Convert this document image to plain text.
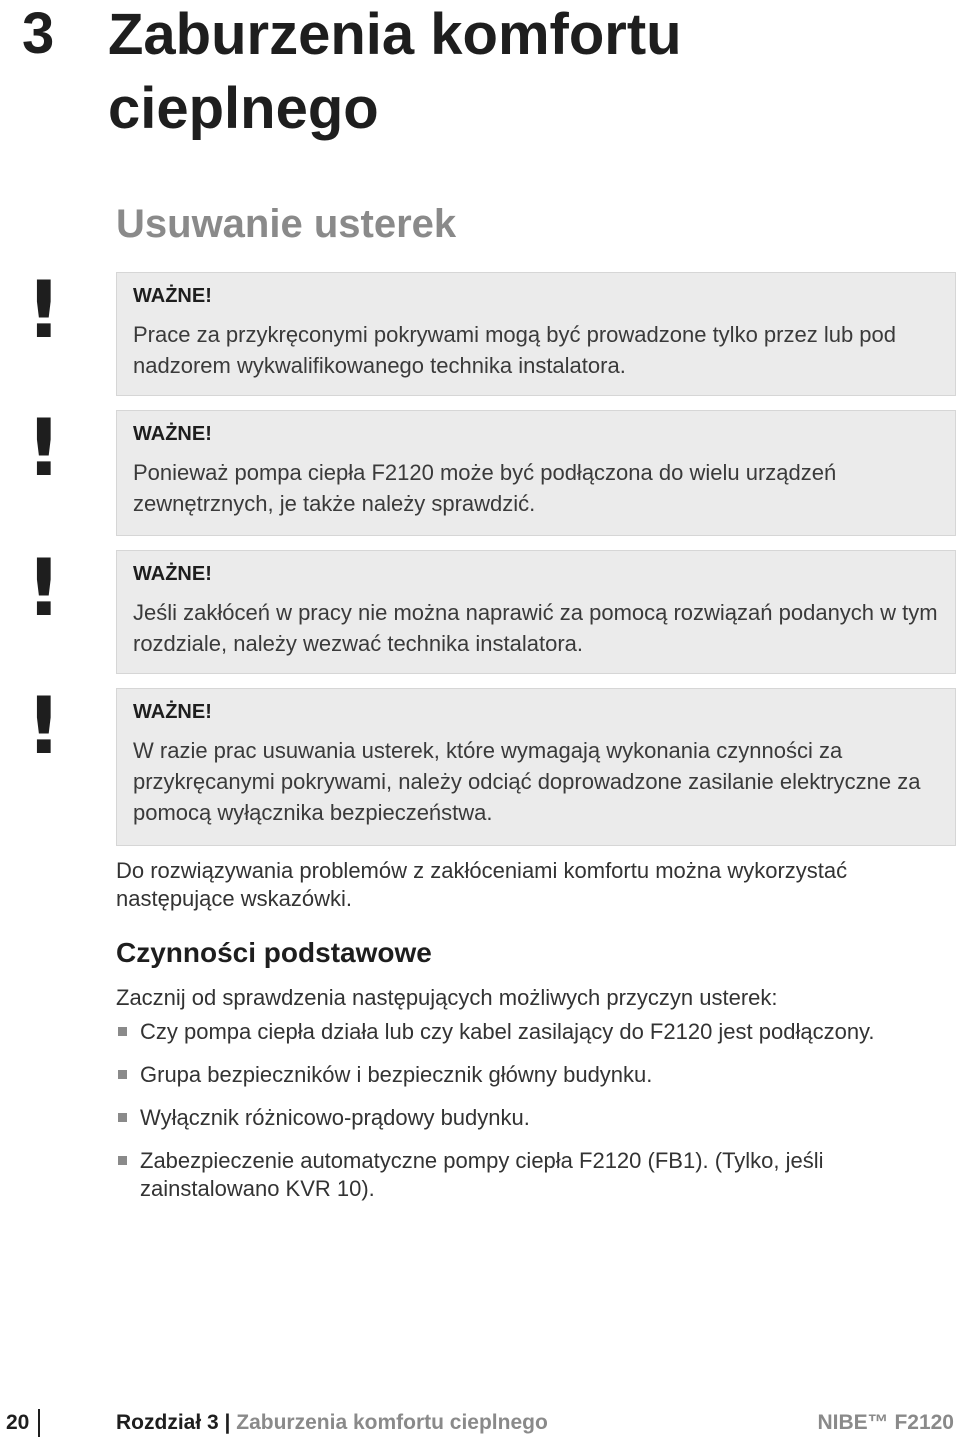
3 Zaburzenia komfortu cieplnego
Usuwanie usterek
!	WAŻNE!
Prace za przykręconymi pokrywami mogą być prowadzone tylko przez lub pod nadzorem wykwalifikowanego technika instalatora.
!	WAŻNE!
Ponieważ pompa ciepła F2120 może być podłączona do wielu urządzeń zewnętrznych, je także należy sprawdzić.
!	WAŻNE!
Jeśli zakłóceń w pracy nie można naprawić za pomocą rozwiązań podanych w tym rozdziale, należy wezwać technika instalatora.
!	WAŻNE!
W razie prac usuwania usterek, które wymagają wykonania czynności za przykręcanymi pokrywami, należy odciąć doprowadzone zasilanie elektryczne za pomocą wyłącznika bezpieczeństwa.
Do rozwiązywania problemów z zakłóceniami komfortu można wykorzystać następujące wskazówki.
Czynności podstawowe
Zacznij od sprawdzenia następujących możliwych przyczyn usterek:
Czy pompa ciepła działa lub czy kabel zasilający do F2120 jest podłączony.
Grupa bezpieczników i bezpiecznik główny budynku.
Wyłącznik różnicowo-prądowy budynku.
Zabezpieczenie automatyczne pompy ciepła F2120 (FB1). (Tylko, jeśli zainstalowano KVR 10).
20	Rozdział 3 | Zaburzenia komfortu cieplnego	NIBE™ F2120
